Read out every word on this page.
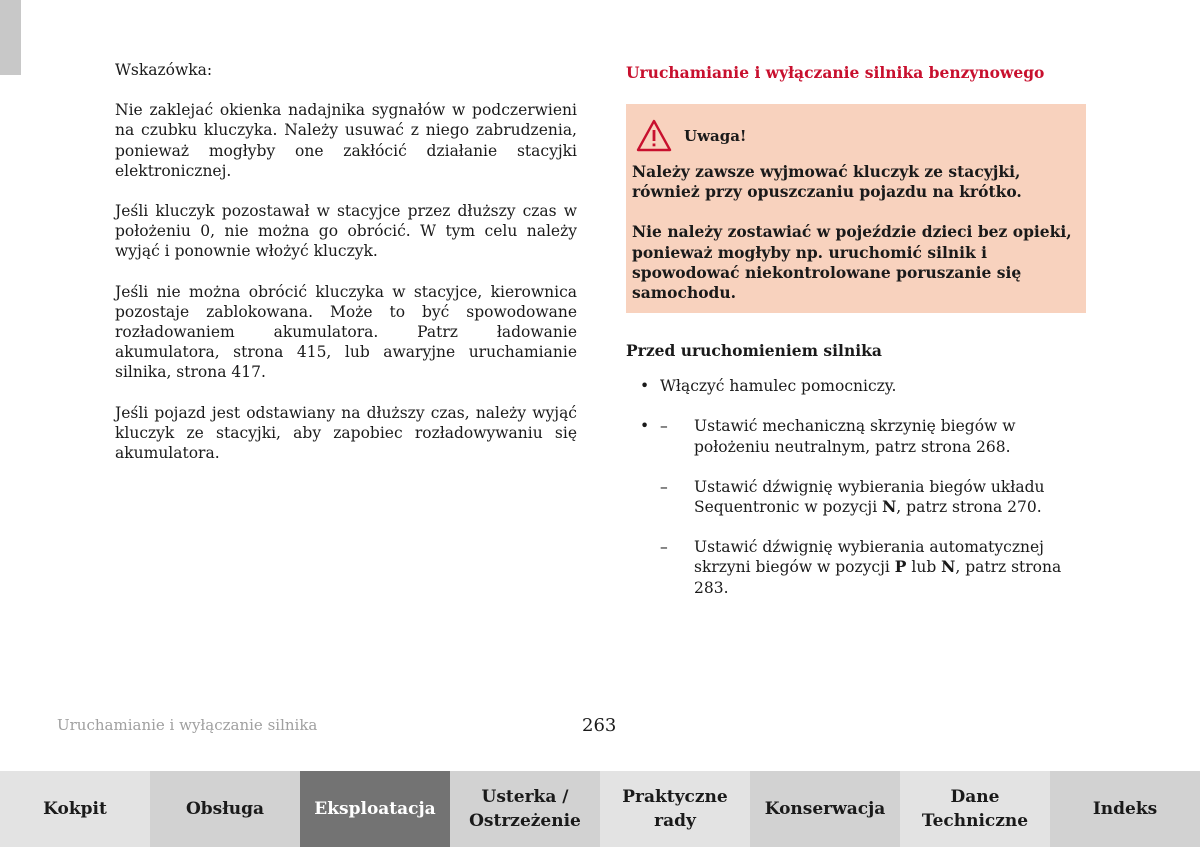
Wskazówka:

Nie zaklejać okienka nadajnika sygnałów w podczerwieni na czubku kluczyka. Należy usuwać z niego zabrudzenia, ponieważ mogłyby one zakłócić działanie stacyjki elektronicznej.

Jeśli kluczyk pozostawał w stacyjce przez dłuższy czas w położeniu 0, nie można go obrócić. W tym celu należy wyjąć i ponownie włożyć kluczyk.

Jeśli nie można obrócić kluczyka w stacyjce, kierownica pozostaje zablokowana. Może to być spowodowane rozładowaniem akumulatora. Patrz ładowanie akumulatora, strona 415, lub awaryjne uruchamianie silnika, strona 417.

Jeśli pojazd jest odstawiany na dłuższy czas, należy wyjąć kluczyk ze stacyjki, aby zapobiec rozładowywaniu się akumulatora.

Uruchamianie i wyłączanie silnika benzynowego
Uwaga!

Należy zawsze wyjmować kluczyk ze stacyjki, również przy opuszczaniu pojazdu na krótko.

Nie należy zostawiać w pojeździe dzieci bez opieki, ponieważ mogłyby np. uruchomić silnik i spowodować niekontrolowane poruszanie się samochodu.

Przed uruchomieniem silnika
• Włączyć hamulec pomocniczy.
• –	Ustawić mechaniczną skrzynię biegów w położeniu neutralnym, patrz strona 268.
–	Ustawić dźwignię wybierania biegów układu Sequentronic w pozycji N, patrz strona 270.
–	Ustawić dźwignię wybierania automatycznej skrzyni biegów w pozycji P lub N, patrz strona 283.
Uruchamianie i wyłączanie silnika	263
Kokpit	Obsługa	Eksploatacja
Usterka /
Ostrzeżenie
Praktyczne
rady
Konserwacja
Dane
Techniczne
Indeks
